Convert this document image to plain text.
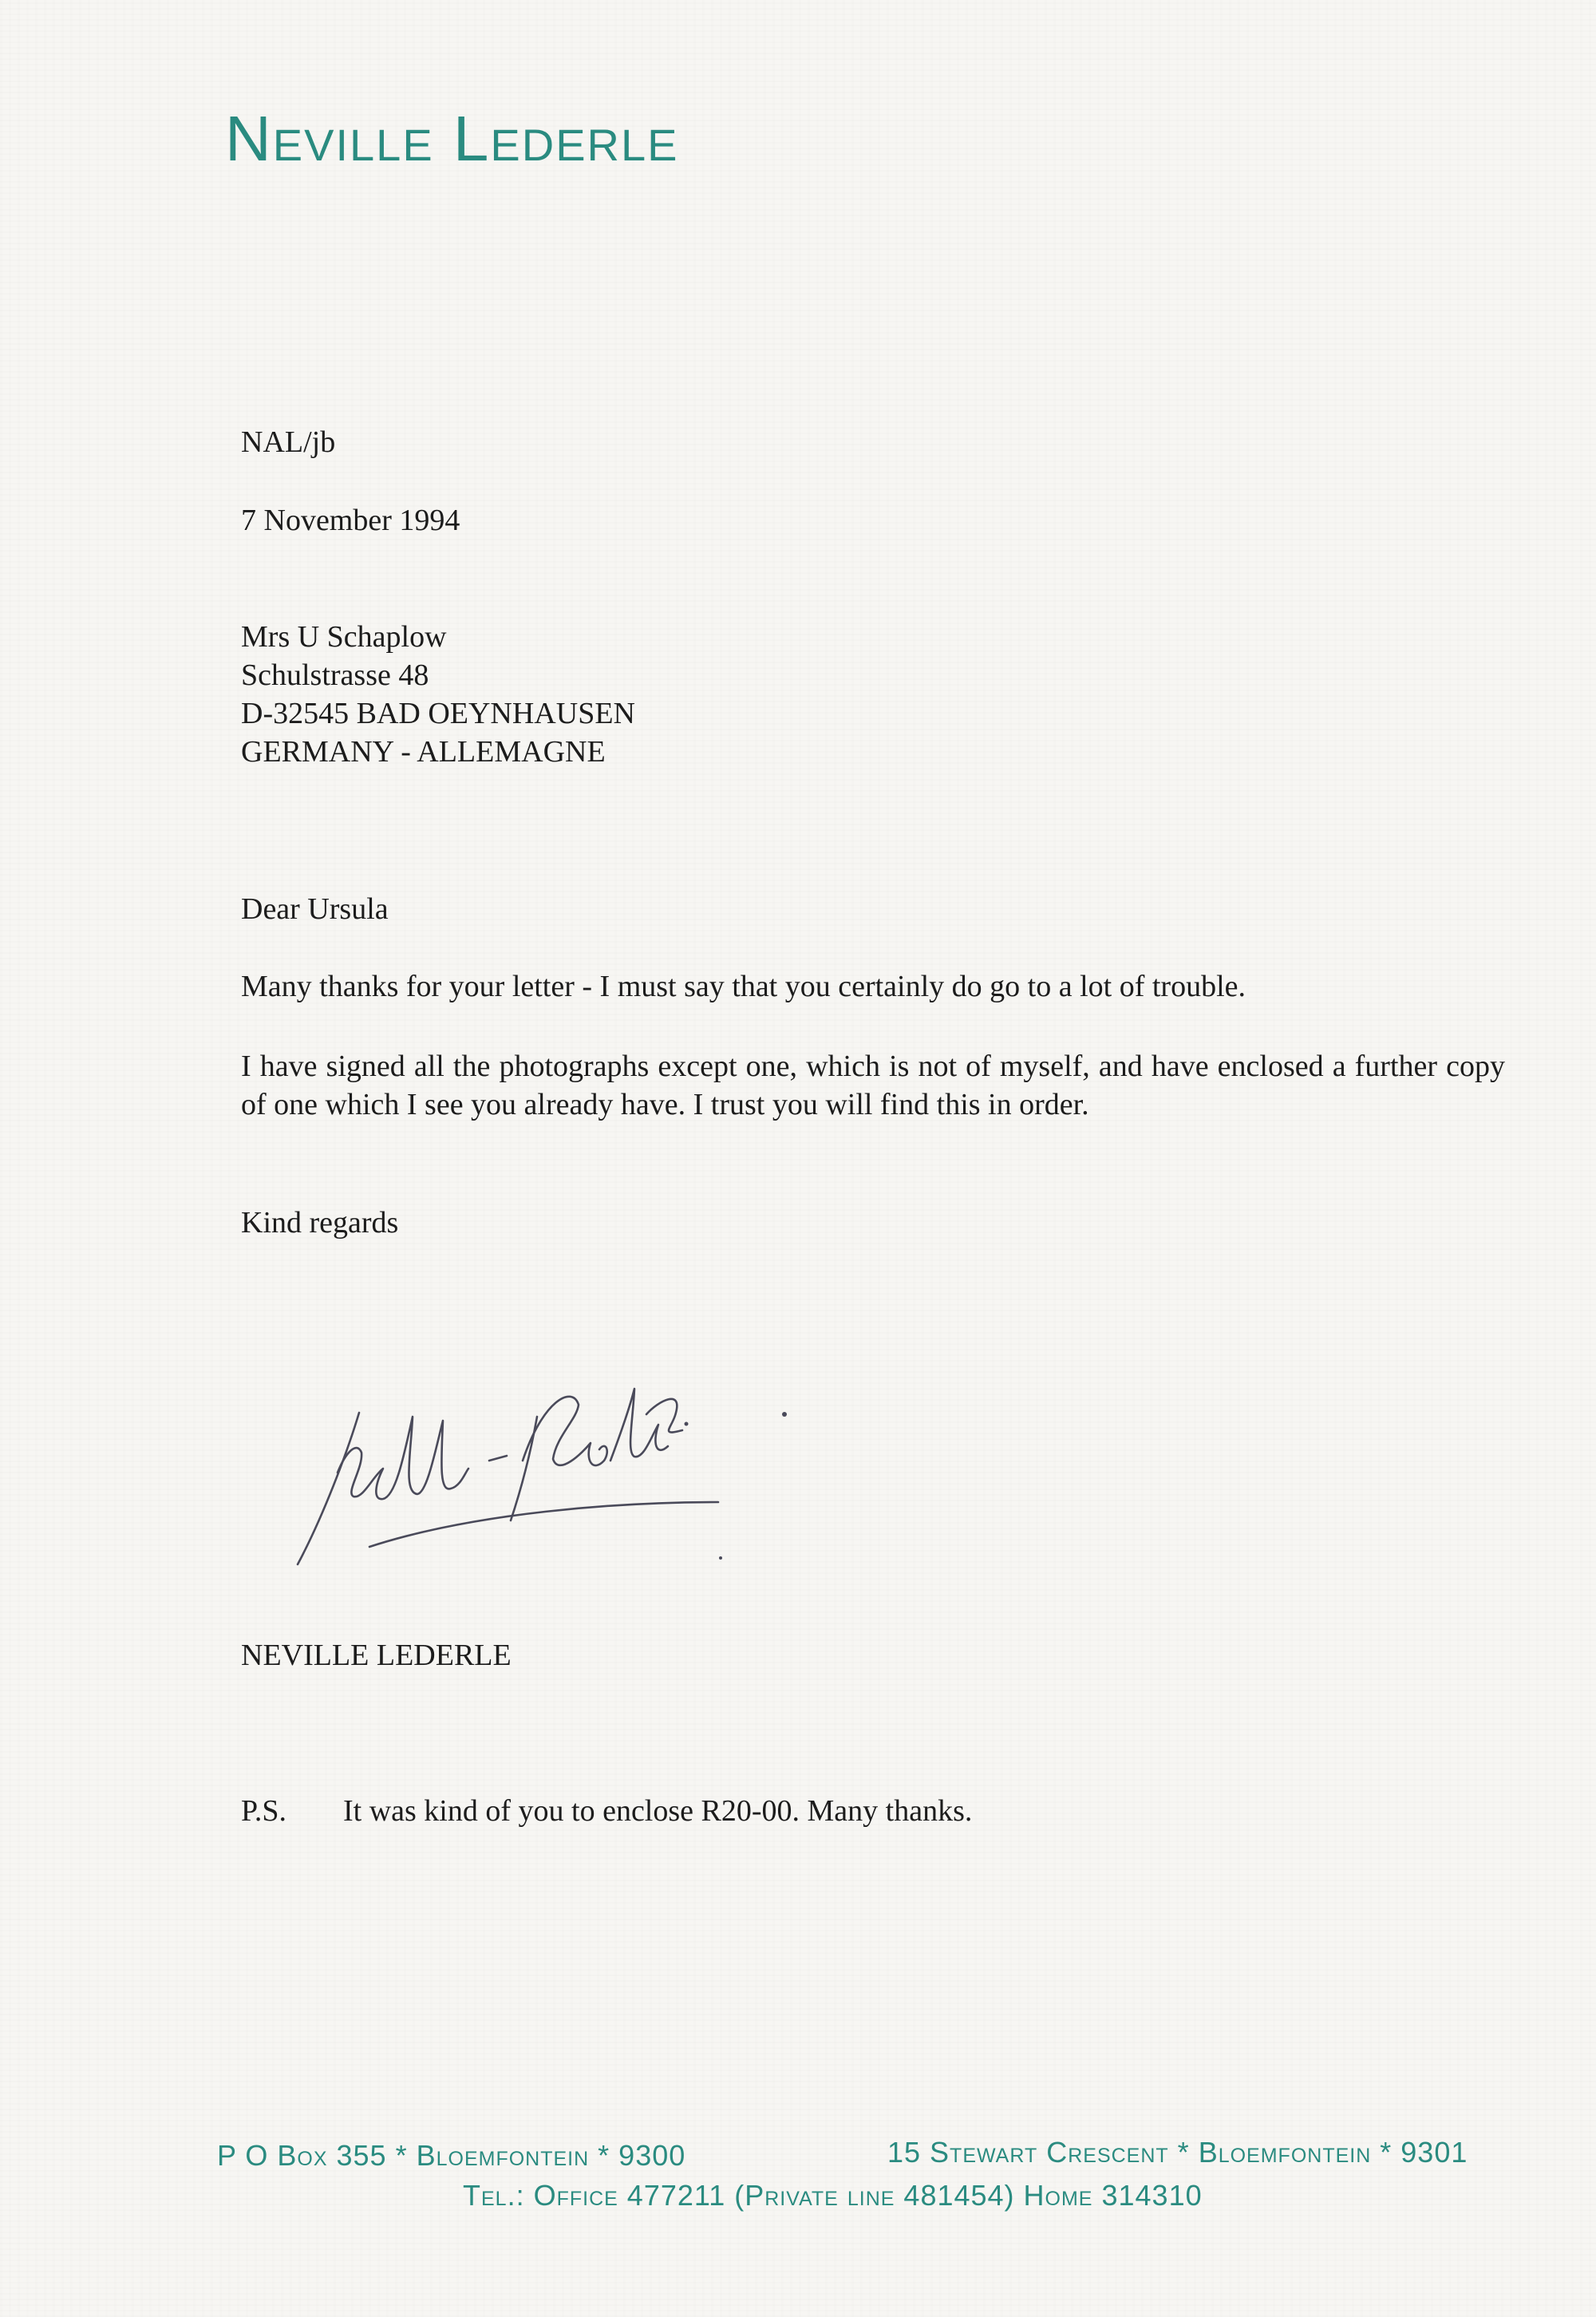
Neville Lederle
NAL/jb
7 November 1994
Mrs U Schaplow
Schulstrasse 48
D-32545 BAD OEYNHAUSEN
GERMANY - ALLEMAGNE
Dear Ursula
Many thanks for your letter - I must say that you certainly do go to a lot of trouble.
I have signed all the photographs except one, which is not of myself, and have enclosed a further copy of one which I see you already have. I trust you will find this in order.
Kind regards
NEVILLE LEDERLE
P.S. It was kind of you to enclose R20-00. Many thanks.
P O Box 355 * Bloemfontein * 9300	15 Stewart Crescent * Bloemfontein * 9301
Tel.: Office 477211 (Private line 481454) Home 314310
